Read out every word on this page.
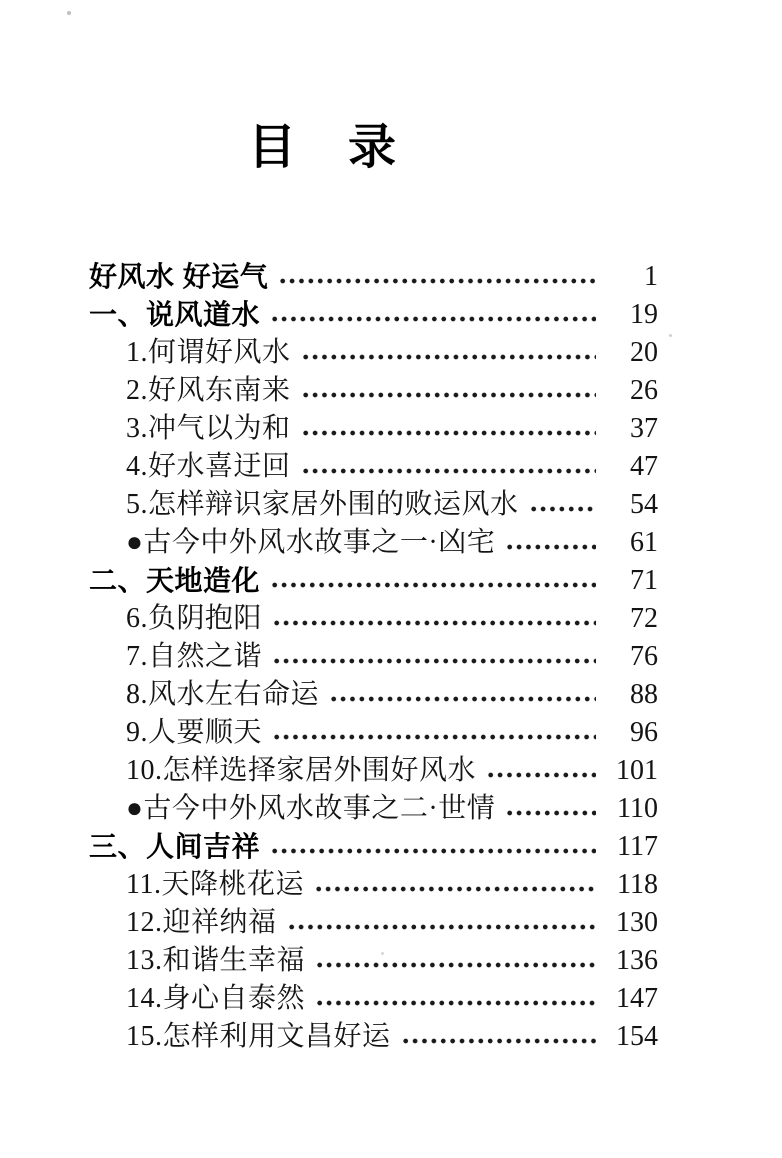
目　录
好风水 好运气	1
一、说风道水	19
1.何谓好风水	20
2.好风东南来	26
3.冲气以为和	37
4.好水喜迂回	47
5.怎样辩识家居外围的败运风水	54
●古今中外风水故事之一·凶宅	61
二、天地造化	71
6.负阴抱阳	72
7.自然之谐	76
8.风水左右命运	88
9.人要顺天	96
10.怎样选择家居外围好风水	101
●古今中外风水故事之二·世情	110
三、人间吉祥	117
11.天降桃花运	118
12.迎祥纳福	130
13.和谐生幸福	136
14.身心自泰然	147
15.怎样利用文昌好运	154
